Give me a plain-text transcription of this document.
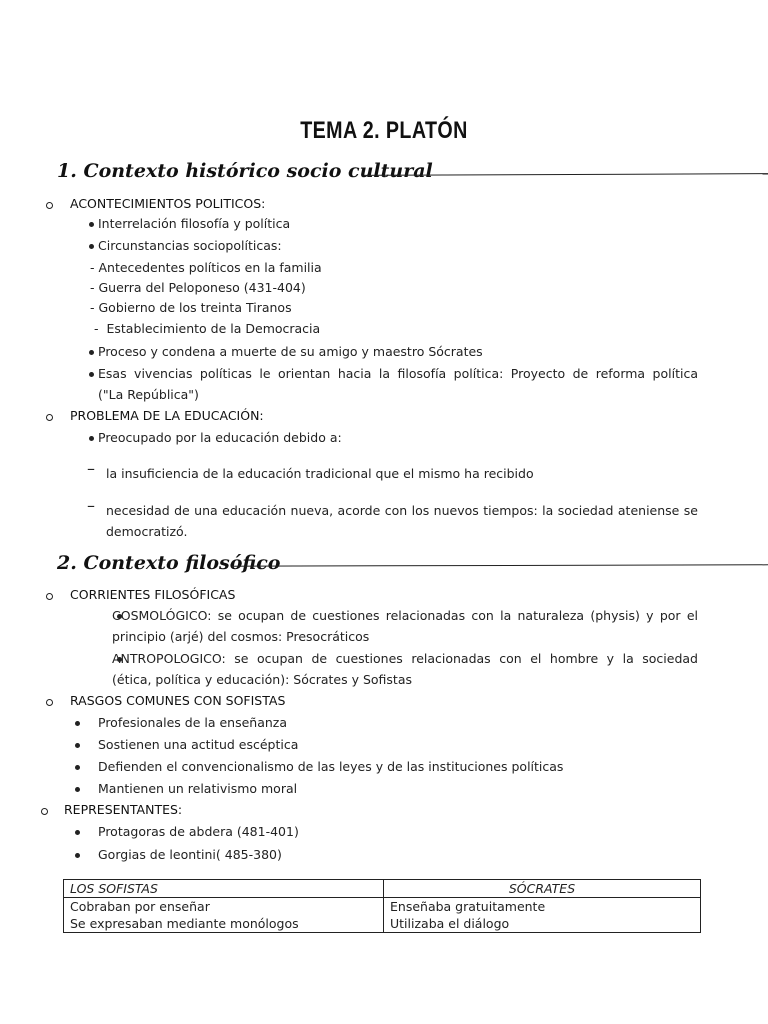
TEMA 2. PLATÓN
1. Contexto histórico socio cultural
ACONTECIMIENTOS POLITICOS:
Interrelación filosofía y política
Circunstancias sociopolíticas:
- Antecedentes políticos en la familia
- Guerra del Peloponeso (431-404)
- Gobierno de los treinta Tiranos
-  Establecimiento de la Democracia
Proceso y condena a muerte de su amigo y maestro Sócrates
Esas vivencias políticas le orientan hacia la filosofía política: Proyecto de reforma política
("La República")
PROBLEMA DE LA EDUCACIÓN:
Preocupado por la educación debido a:
– la insuficiencia de la educación tradicional que el mismo ha recibido
– necesidad de una educación nueva, acorde con los nuevos tiempos: la sociedad ateniense se
democratizó.
2. Contexto filosófico
CORRIENTES FILOSÓFICAS
COSMOLÓGICO: se ocupan de cuestiones relacionadas con la naturaleza (physis) y por el
principio (arjé) del cosmos: Presocráticos
ANTROPOLOGICO: se ocupan de cuestiones relacionadas con el hombre y la sociedad
(ética, política y educación): Sócrates y Sofistas
RASGOS COMUNES CON SOFISTAS
Profesionales de la enseñanza
Sostienen una actitud escéptica
Defienden el convencionalismo de las leyes y de las instituciones políticas
Mantienen un relativismo moral
REPRESENTANTES:
Protagoras de abdera (481-401)
Gorgias de leontini( 485-380)
LOS SOFISTAS	SÓCRATES
Cobraban por enseñar	Enseñaba gratuitamente
Se expresaban mediante monólogos	Utilizaba el diálogo
